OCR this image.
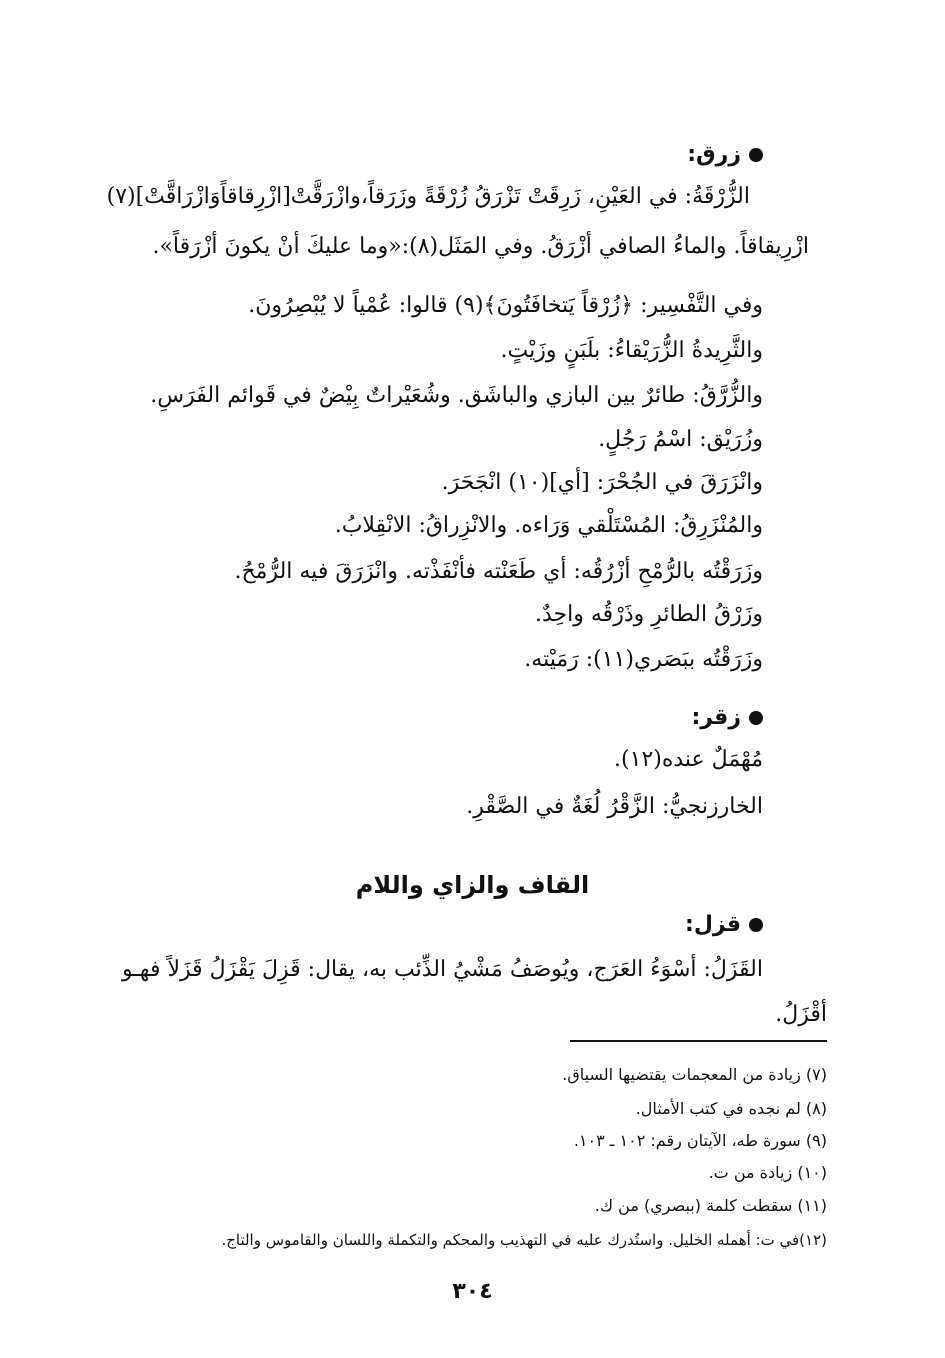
زرق:
الزُّرْقَةُ: في العَيْنِ، زَرِقَتْ تَزْرَقُ زُرْقَةً وزَرَقاً،وازْرَقَّتْ[ازْرِقاقاًوَازْرَاقَّتْ](٧)
ازْرِيقاقاً. والماءُ الصافي أزْرَقُ. وفي المَثَل(٨):«وما عليكَ أنْ يكونَ أزْرَقاً».
وفي التَّفْسِير: ﴿زُرْقاً يَتخافَتُونَ﴾(٩) قالوا: عُمْياً لا يُبْصِرُونَ.
والثَّرِيدةُ الزُّرَيْقاءُ: بلَبَنٍ وزَيْتٍ.
والزُّرَّقُ: طائرٌ بين البازي والباشَق. وشُعَيْراتٌ بِيْضٌ في قَوائم الفَرَسِ.
وزُرَيْق: اسْمُ رَجُلٍ.
وانْزَرَقَ في الجُحْرَ: [أي](١٠) انْجَحَرَ.
والمُنْزَرِقُ: المُسْتَلْقي وَرَاءه. والانْزِراقُ: الانْقِلابُ.
وزَرَقْتُه بالرُّمْحِ أزْرُقُه: أي طَعَنْته فأنْفَذْته. وانْزَرَقَ فيه الرُّمْحُ.
وزَرْقُ الطائرِ وذَرْقُه واحِدٌ.
وزَرَقْتُه ببَصَري(١١): رَمَيْته.
زقر:
مُهْمَلٌ عنده(١٢).
الخارزنجيُّ: الزَّقْرُ لُغَةٌ في الصَّقْرِ.
القاف والزاي واللام
قزل:
القَزَلُ: أسْوَءُ العَرَج، ويُوصَفُ مَشْيُ الذِّئب به، يقال: قَزِلَ يَقْزَلُ قَزَلاً فهـو
أقْزَلُ.
(٧) زيادة من المعجمات يقتضيها السياق.
(٨) لم نجده في كتب الأمثال.
(٩) سورة طه، الآيتان رقم: ١٠٢ ـ ١٠٣.
(١٠) زيادة من ت.
(١١) سقطت كلمة (ببصري) من ك.
(١٢)في ت: أهمله الخليل. واستُدرك عليه في التهذيب والمحكم والتكملة واللسان والقاموس والتاج.
٣٠٤
